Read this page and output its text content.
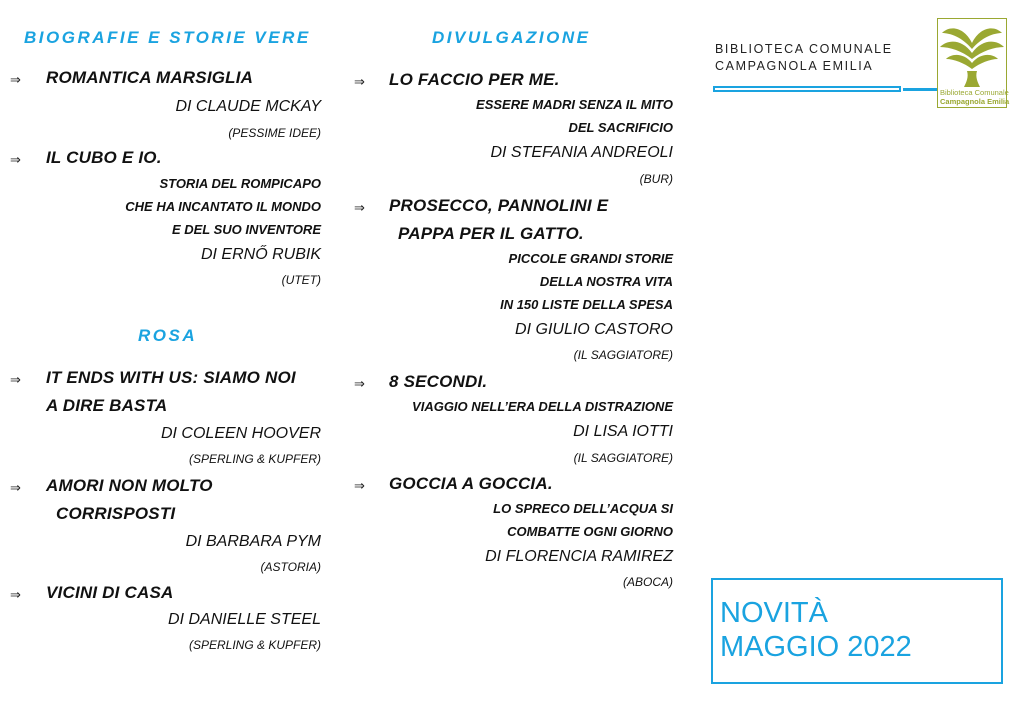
BIOGRAFIE E STORIE VERE
⇒ ROMANTICA MARSIGLIA
DI CLAUDE MCKAY
(PESSIME IDEE)
⇒ IL CUBO E IO.
STORIA DEL ROMPICAPO
CHE HA INCANTATO IL MONDO
E DEL SUO INVENTORE
DI ERNŐ RUBIK
(UTET)
ROSA
⇒ IT ENDS WITH US: SIAMO NOI
A DIRE BASTA
DI COLEEN HOOVER
(SPERLING & KUPFER)
⇒ AMORI NON MOLTO
CORRISPOSTI
DI BARBARA PYM
(ASTORIA)
⇒ VICINI DI CASA
DI DANIELLE STEEL
(SPERLING & KUPFER)
DIVULGAZIONE
⇒ LO FACCIO PER ME.
ESSERE MADRI SENZA IL MITO
DEL SACRIFICIO
DI STEFANIA ANDREOLI
(BUR)
⇒ PROSECCO, PANNOLINI E
PAPPA PER IL GATTO.
PICCOLE GRANDI STORIE
DELLA NOSTRA VITA
IN 150 LISTE DELLA SPESA
DI GIULIO CASTORO
(IL SAGGIATORE)
⇒ 8 SECONDI.
VIAGGIO NELL’ERA DELLA DISTRAZIONE
DI LISA IOTTI
(IL SAGGIATORE)
⇒ GOCCIA A GOCCIA.
LO SPRECO DELL’ACQUA SI
COMBATTE OGNI GIORNO
DI FLORENCIA RAMIREZ
(ABOCA)
BIBLIOTECA COMUNALE
CAMPAGNOLA EMILIA
Biblioteca Comunale
Campagnola Emilia
NOVITÀ
MAGGIO 2022
